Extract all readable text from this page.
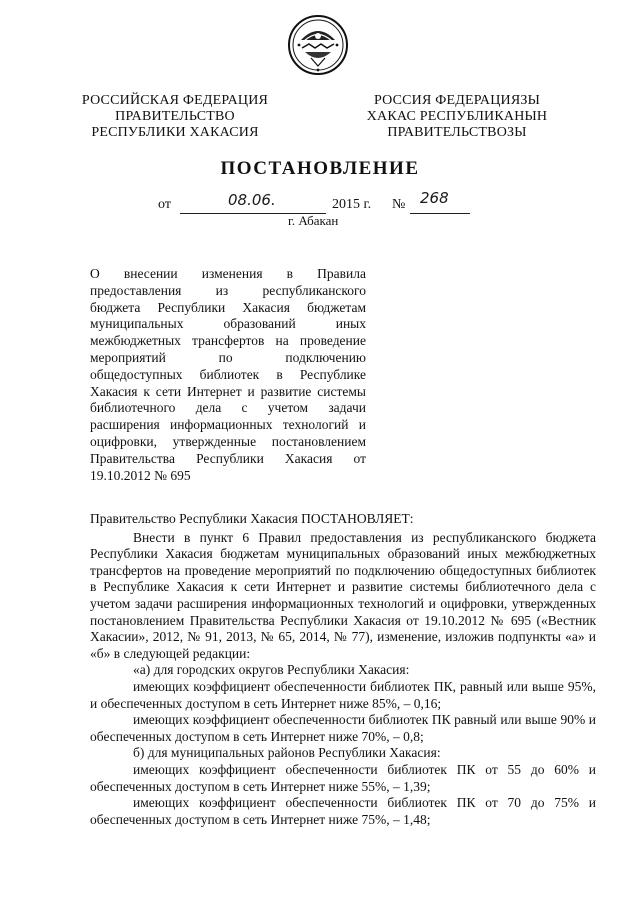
РОССИЙСКАЯ ФЕДЕРАЦИЯ
ПРАВИТЕЛЬСТВО
РЕСПУБЛИКИ ХАКАСИЯ
РОССИЯ ФЕДЕРАЦИЯЗЫ
ХАКАС РЕСПУБЛИКАНЫН
ПРАВИТЕЛЬСТВОЗЫ
ПОСТАНОВЛЕНИЕ
от	08.06.	2015 г. № 268
г. Абакан
О внесении изменения в Правила
предоставления из республиканского
бюджета Республики Хакасия бюджетам
муниципальных образований иных
межбюджетных трансфертов на проведение
мероприятий по подключению
общедоступных библиотек в Республике
Хакасия к сети Интернет и развитие системы
библиотечного дела с учетом задачи
расширения информационных технологий и
оцифровки, утвержденные постановлением
Правительства Республики Хакасия от
19.10.2012 № 695

Правительство Республики Хакасия ПОСТАНОВЛЯЕТ:

Внести в пункт 6 Правил предоставления из республиканского бюджета Республики Хакасия бюджетам муниципальных образований иных межбюджетных трансфертов на проведение мероприятий по подключению общедоступных библиотек в Республике Хакасия к сети Интернет и развитие системы библиотечного дела с учетом задачи расширения информационных технологий и оцифровки, утвержденных постановлением Правительства Республики Хакасия от 19.10.2012 № 695 («Вестник Хакасии», 2012, № 91, 2013, № 65, 2014, № 77), изменение, изложив подпункты «а» и «б» в следующей редакции:

«а) для городских округов Республики Хакасия:

имеющих коэффициент обеспеченности библиотек ПК, равный или выше 95%, и обеспеченных доступом в сеть Интернет ниже 85%, – 0,16;

имеющих коэффициент обеспеченности библиотек ПК равный или выше 90% и обеспеченных доступом в сеть Интернет ниже 70%, – 0,8;

б) для муниципальных районов Республики Хакасия:

имеющих коэффициент обеспеченности библиотек ПК от 55 до 60% и обеспеченных доступом в сеть Интернет ниже 55%, – 1,39;

имеющих коэффициент обеспеченности библиотек ПК от 70 до 75% и обеспеченных доступом в сеть Интернет ниже 75%, – 1,48;
